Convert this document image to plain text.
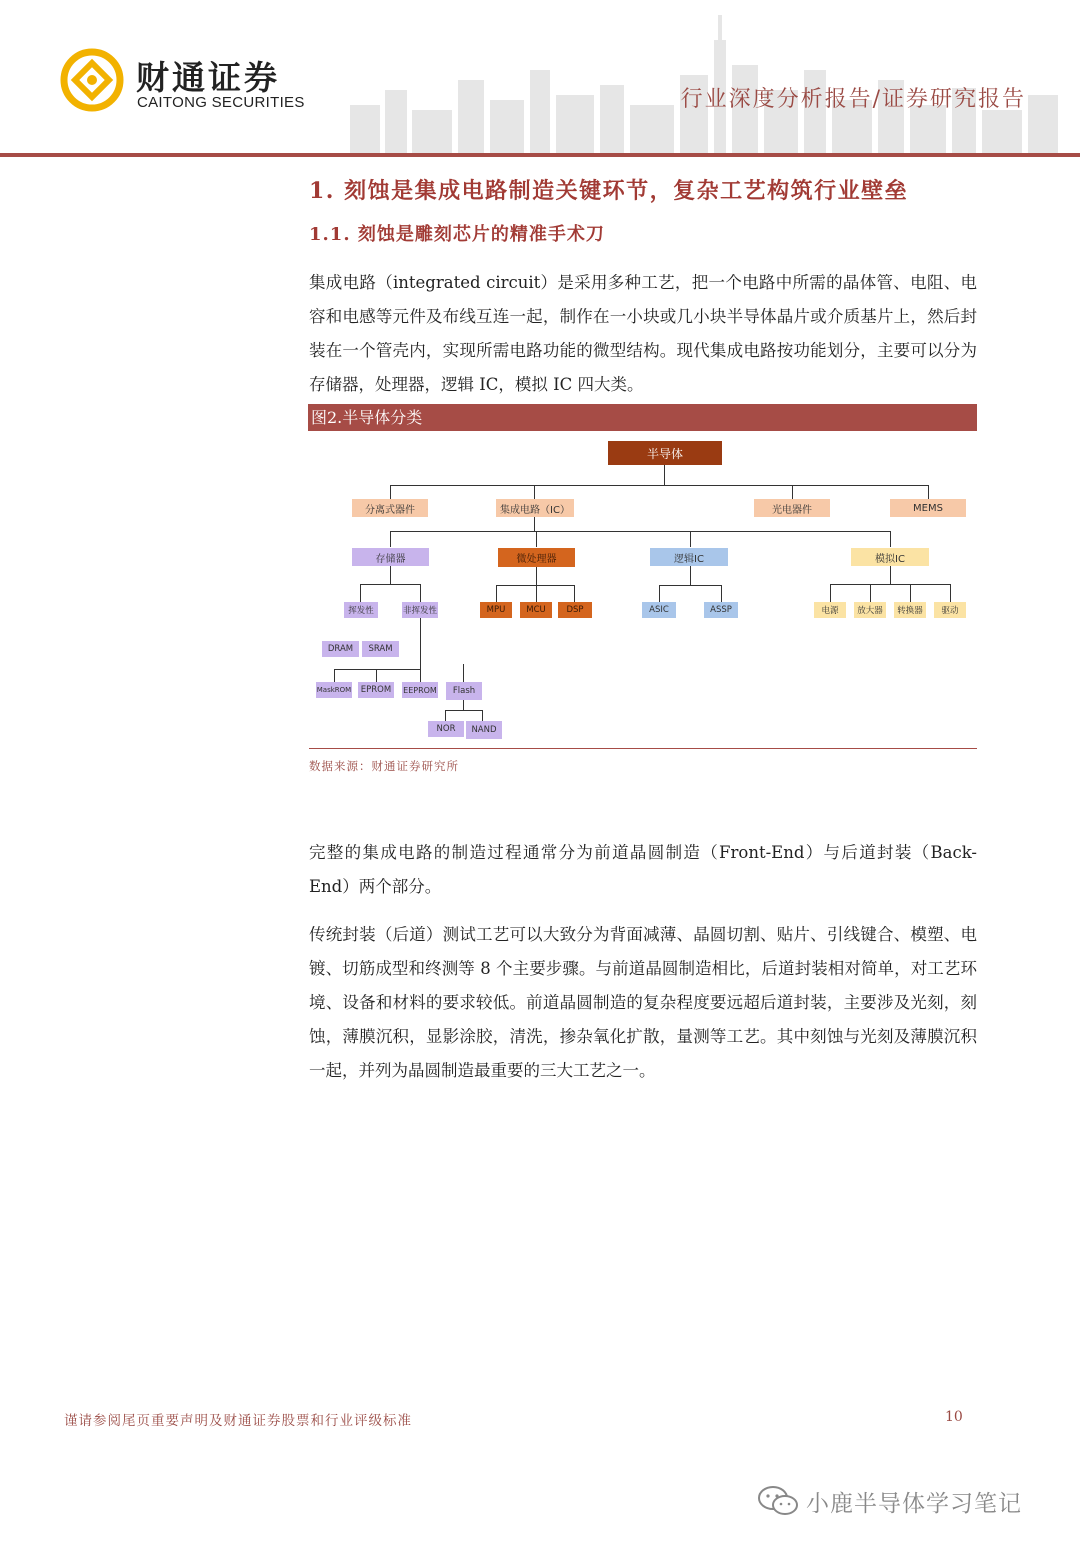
财通证券
CAITONG SECURITIES	行业深度分析报告/证券研究报告
1. 刻蚀是集成电路制造关键环节，复杂工艺构筑行业壁垒
1.1. 刻蚀是雕刻芯片的精准手术刀

集成电路（integrated circuit）是采用多种工艺，把一个电路中所需的晶体管、电阻、电容和电感等元件及布线互连一起，制作在一小块或几小块半导体晶片或介质基片上，然后封装在一个管壳内，实现所需电路功能的微型结构。现代集成电路按功能划分，主要可以分为存储器，处理器，逻辑 IC，模拟 IC 四大类。

图2.半导体分类
半导体
分离式器件	集成电路（IC）	光电器件	MEMS
存储器	微处理器	逻辑IC	模拟IC
挥发性	非挥发性	MPU	MCU	DSP	ASIC	ASSP	电源	放大器	转换器	驱动
DRAM	SRAM
MaskROM	EPROM	EEPROM	Flash
NOR	NAND
数据来源：财通证券研究所

完整的集成电路的制造过程通常分为前道晶圆制造（Front-End）与后道封装（Back-End）两个部分。

传统封装（后道）测试工艺可以大致分为背面减薄、晶圆切割、贴片、引线键合、模塑、电镀、切筋成型和终测等 8 个主要步骤。与前道晶圆制造相比，后道封装相对简单，对工艺环境、设备和材料的要求较低。前道晶圆制造的复杂程度要远超后道封装，主要涉及光刻，刻蚀，薄膜沉积，显影涂胶，清洗，掺杂氧化扩散，量测等工艺。其中刻蚀与光刻及薄膜沉积一起，并列为晶圆制造最重要的三大工艺之一。

谨请参阅尾页重要声明及财通证券股票和行业评级标准	10
小鹿半导体学习笔记
